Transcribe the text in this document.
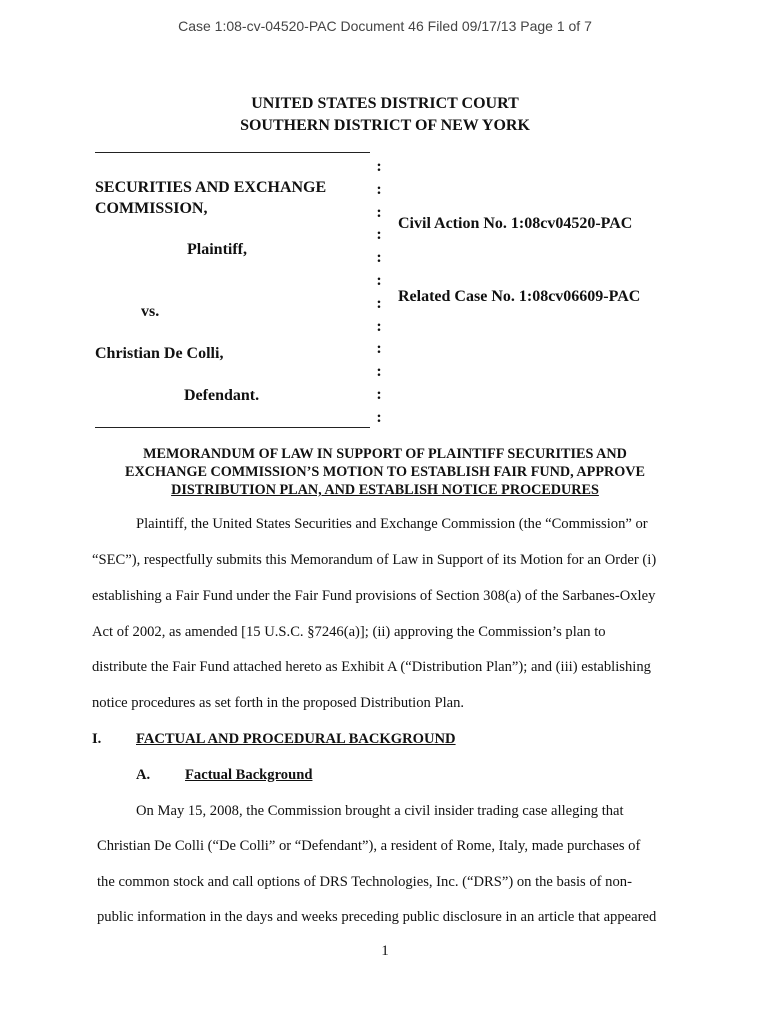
Case 1:08-cv-04520-PAC Document 46 Filed 09/17/13 Page 1 of 7
UNITED STATES DISTRICT COURT
SOUTHERN DISTRICT OF NEW YORK
SECURITIES AND EXCHANGE
COMMISSION,
Plaintiff,
vs.
Christian De Colli,
Defendant.
:
:
:
:
:
:
:
:
:
:
:
:
Civil Action No. 1:08cv04520-PAC
Related Case No. 1:08cv06609-PAC
MEMORANDUM OF LAW IN SUPPORT OF PLAINTIFF SECURITIES AND
EXCHANGE COMMISSION’S MOTION TO ESTABLISH FAIR FUND, APPROVE
DISTRIBUTION PLAN, AND ESTABLISH NOTICE PROCEDURES
Plaintiff, the United States Securities and Exchange Commission (the “Commission” or
“SEC”), respectfully submits this Memorandum of Law in Support of its Motion for an Order (i)
establishing a Fair Fund under the Fair Fund provisions of Section 308(a) of the Sarbanes-Oxley
Act of 2002, as amended [15 U.S.C. §7246(a)]; (ii) approving the Commission’s plan to
distribute the Fair Fund attached hereto as Exhibit A (“Distribution Plan”); and (iii) establishing
notice procedures as set forth in the proposed Distribution Plan.
I. FACTUAL AND PROCEDURAL BACKGROUND
A. Factual Background
On May 15, 2008, the Commission brought a civil insider trading case alleging that
Christian De Colli (“De Colli” or “Defendant”), a resident of Rome, Italy, made purchases of
the common stock and call options of DRS Technologies, Inc. (“DRS”) on the basis of non-
public information in the days and weeks preceding public disclosure in an article that appeared
1
